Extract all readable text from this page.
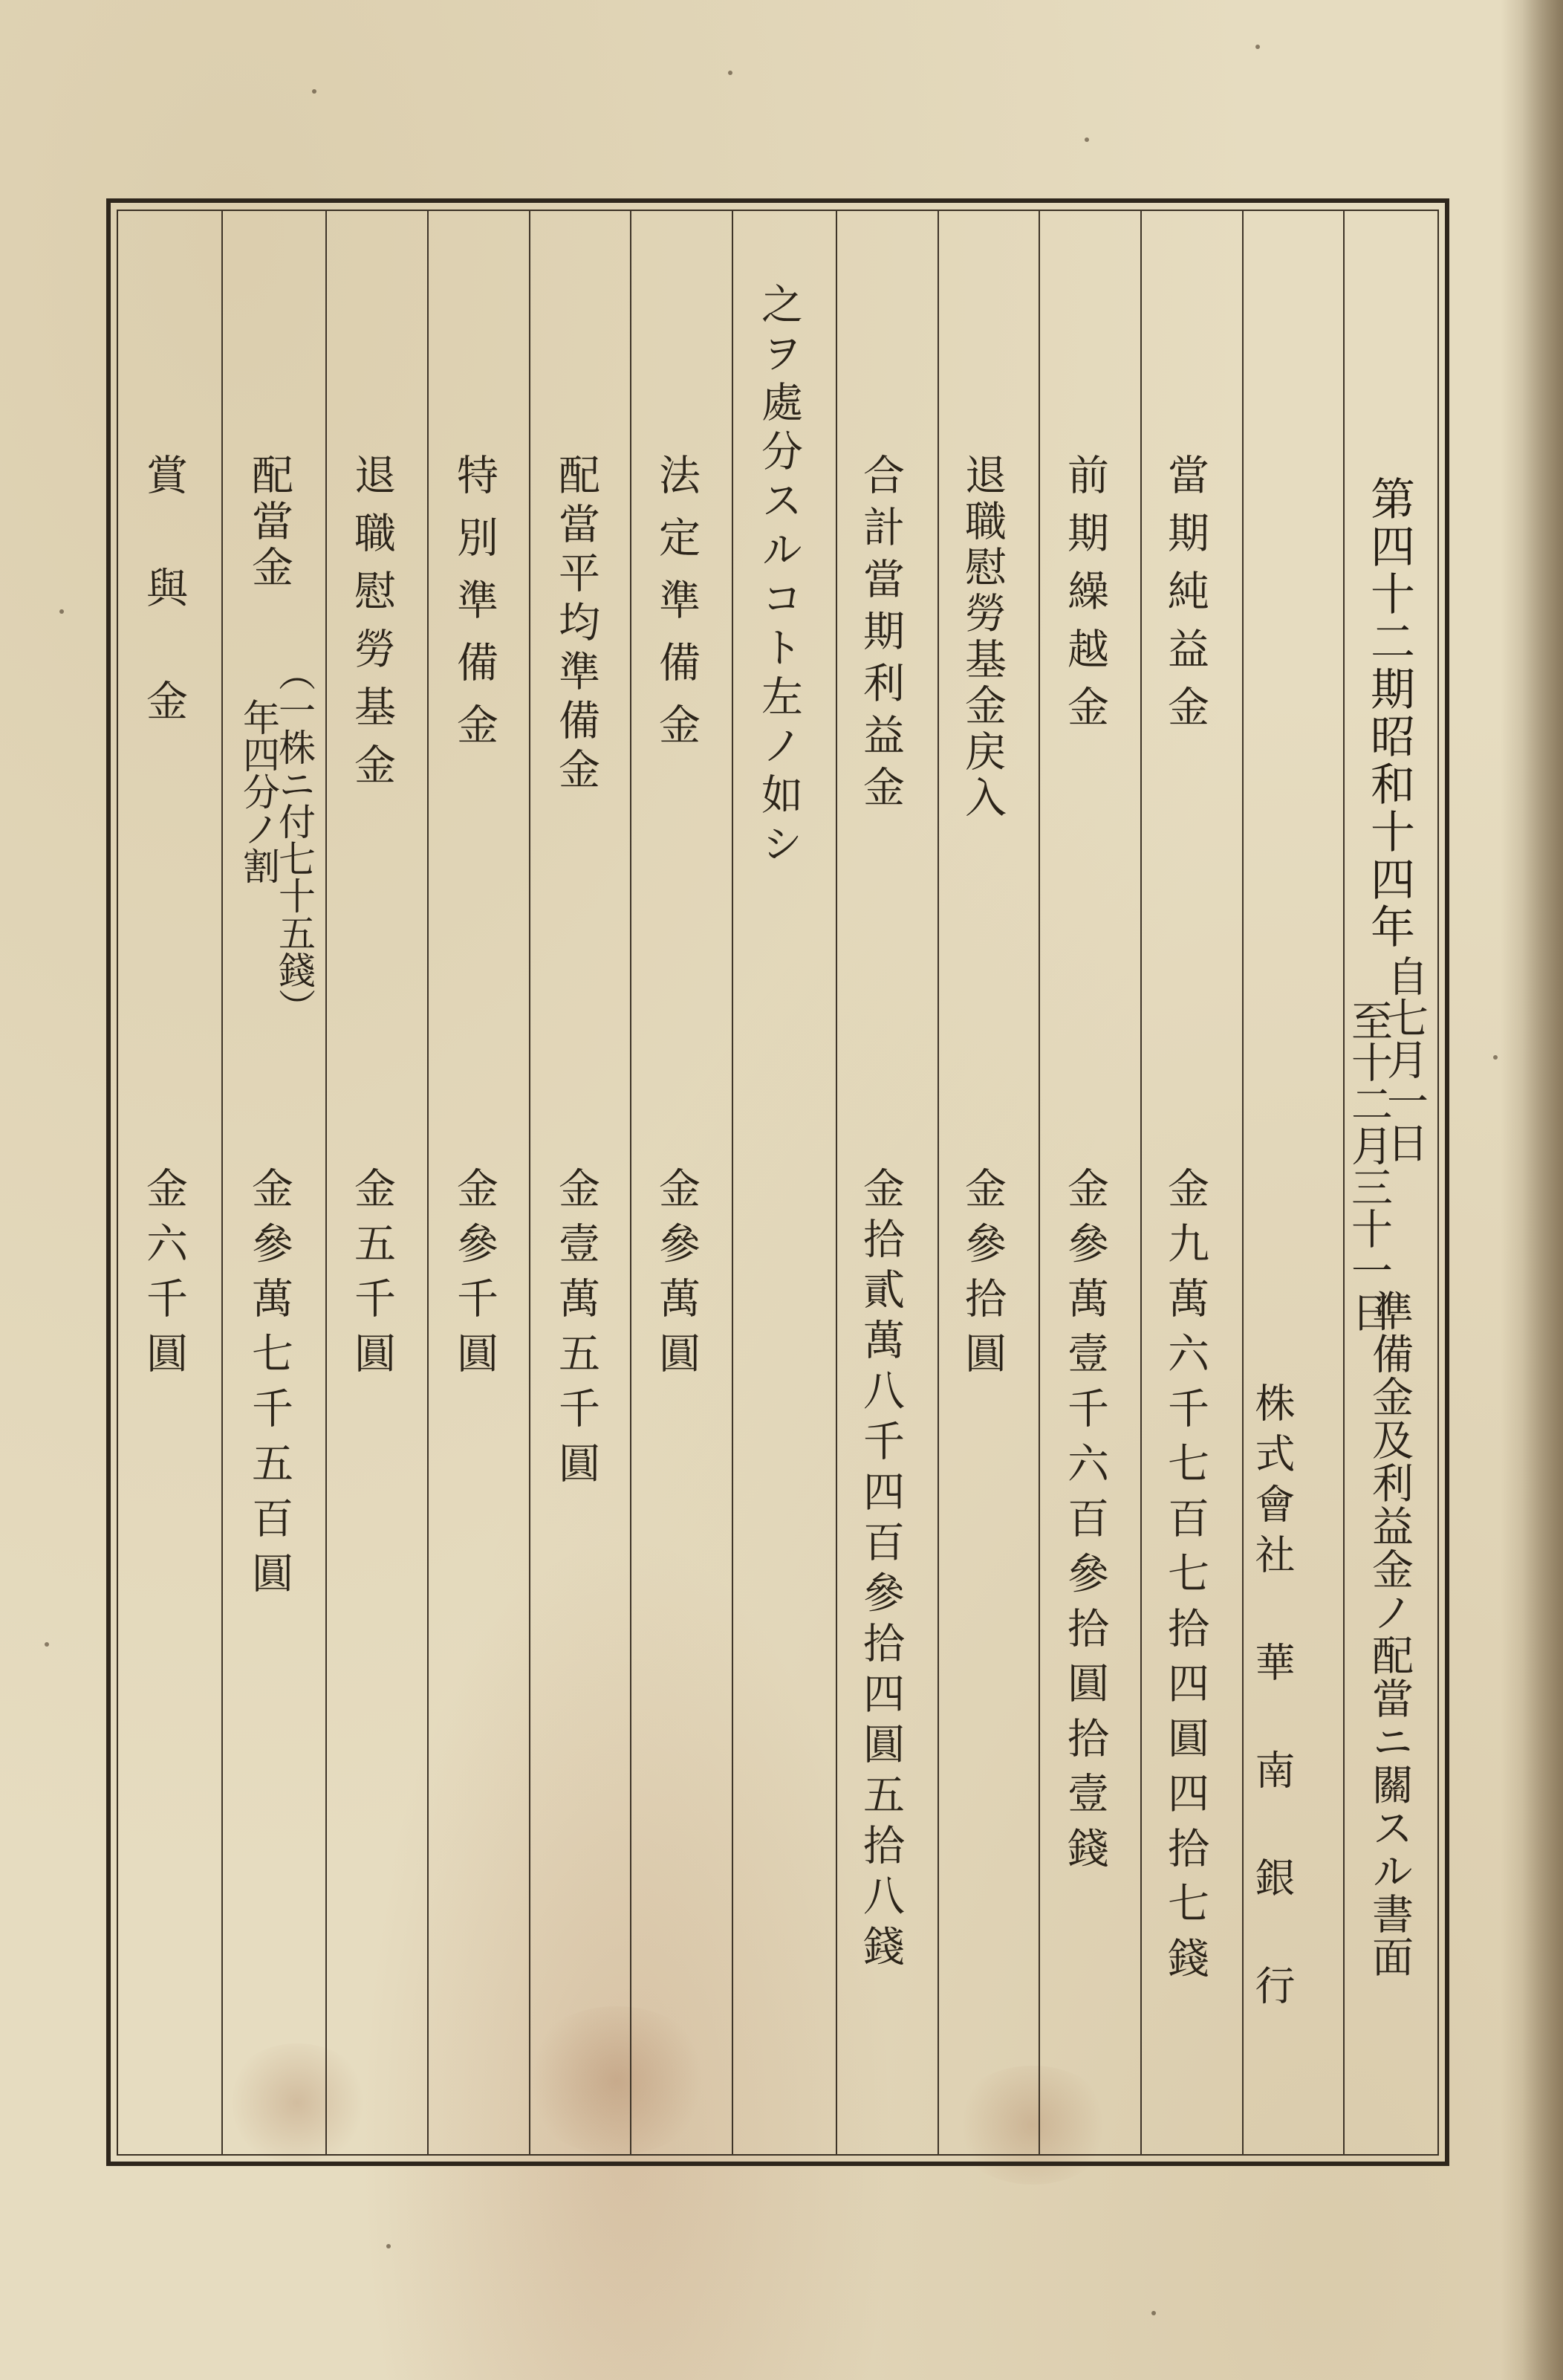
第四十二期昭和十四年
自七月一日
至十二月三十一日
準備金及利益金ノ配當ニ關スル書面
株式會社 華 南 銀 行
當期純益金
金九萬六千七百七拾四圓四拾七錢
前期繰越金
金參萬壹千六百參拾圓拾壹錢
退職慰勞基金戻入
金參拾圓
合計當期利益金
金拾貳萬八千四百參拾四圓五拾八錢
之ヲ處分スルコト左ノ如シ
法定準備金
金參萬圓
配當平均準備金
金壹萬五千圓
特別準備金
金參千圓
退職慰勞基金
金五千圓
配當金
（一株ニ付七十五錢）
年四分ノ割
金參萬七千五百圓
賞與金
金六千圓
